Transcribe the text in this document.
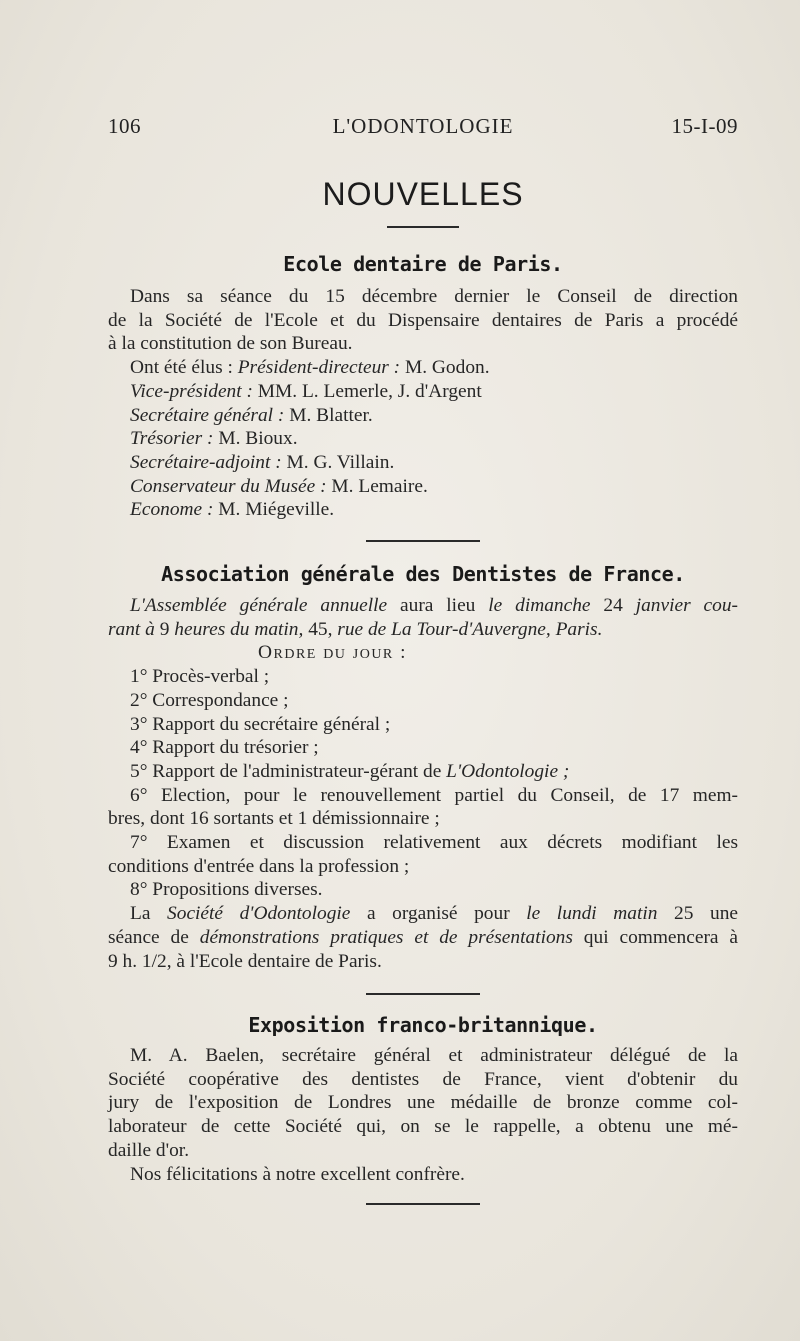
L'ODONTOLOGIE
106	15-I-09
NOUVELLES
Ecole dentaire de Paris.

Dans sa séance du 15 décembre dernier le Conseil de direction

de la Société de l'Ecole et du Dispensaire dentaires de Paris a procédé

à la constitution de son Bureau.

Ont été élus : Président-directeur : M. Godon.

Vice-président : MM. L. Lemerle, J. d'Argent

Secrétaire général : M. Blatter.

Trésorier : M. Bioux.

Secrétaire-adjoint : M. G. Villain.

Conservateur du Musée : M. Lemaire.

Econome : M. Miégeville.

Association générale des Dentistes de France.

L'Assemblée générale annuelle aura lieu le dimanche 24 janvier cou-

rant à 9 heures du matin, 45, rue de La Tour-d'Auvergne, Paris.

Ordre du jour :

1° Procès-verbal ;

2° Correspondance ;

3° Rapport du secrétaire général ;

4° Rapport du trésorier ;

5° Rapport de l'administrateur-gérant de L'Odontologie ;

6° Election, pour le renouvellement partiel du Conseil, de 17 mem-

bres, dont 16 sortants et 1 démissionnaire ;

7° Examen et discussion relativement aux décrets modifiant les

conditions d'entrée dans la profession ;

8° Propositions diverses.

La Société d'Odontologie a organisé pour le lundi matin 25 une

séance de démonstrations pratiques et de présentations qui commencera à

9 h. 1/2, à l'Ecole dentaire de Paris.

Exposition franco-britannique.

M. A. Baelen, secrétaire général et administrateur délégué de la

Société coopérative des dentistes de France, vient d'obtenir du

jury de l'exposition de Londres une médaille de bronze comme col-

laborateur de cette Société qui, on se le rappelle, a obtenu une mé-

daille d'or.

Nos félicitations à notre excellent confrère.
